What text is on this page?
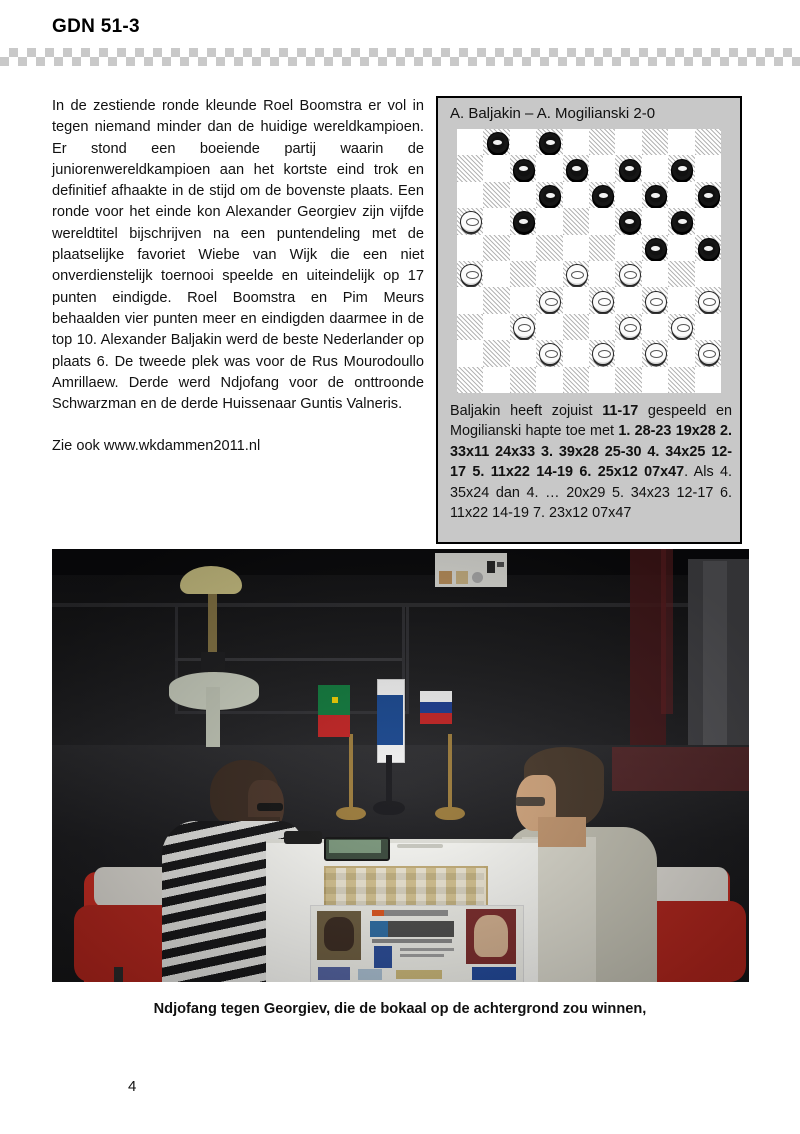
GDN 51-3

In de zestiende ronde kleunde Roel Boomstra er vol in tegen niemand minder dan de huidige wereldkampioen. Er stond een boeiende partij waarin de juniorenwereldkampioen aan het kortste eind trok en definitief afhaakte in de stijd om de bovenste plaats. Een ronde voor het einde kon Alexander Georgiev zijn vijfde wereldtitel bijschrijven na een puntendeling met de plaatselijke favoriet Wiebe van Wijk die een niet onverdienstelijk toernooi speelde en uiteindelijk op 17 punten eindigde. Roel Boomstra en Pim Meurs behaalden vier punten meer en eindigden daarmee in de top 10. Alexander Baljakin werd de beste Nederlander op plaats 6. De tweede plek was voor de Rus Mourodoullo Amrillaew. Derde werd Ndjofang voor de onttroonde Schwarzman en de derde Huissenaar Guntis Valneris.

Zie ook www.wkdammen2011.nl

A. Baljakin – A. Mogilianski 2-0
Baljakin heeft zojuist 11-17 gespeeld en Mogilianski hapte toe met 1. 28-23 19x28 2. 33x11 24x33 3. 39x28 25-30 4. 34x25 12-17 5. 11x22 14-19 6. 25x12 07x47. Als 4. 35x24 dan 4. … 20x29 5. 34x23 12-17 6. 11x22 14-19 7. 23x12 07x47
Ndjofang tegen Georgiev, die de bokaal op de achtergrond zou winnen,
4
